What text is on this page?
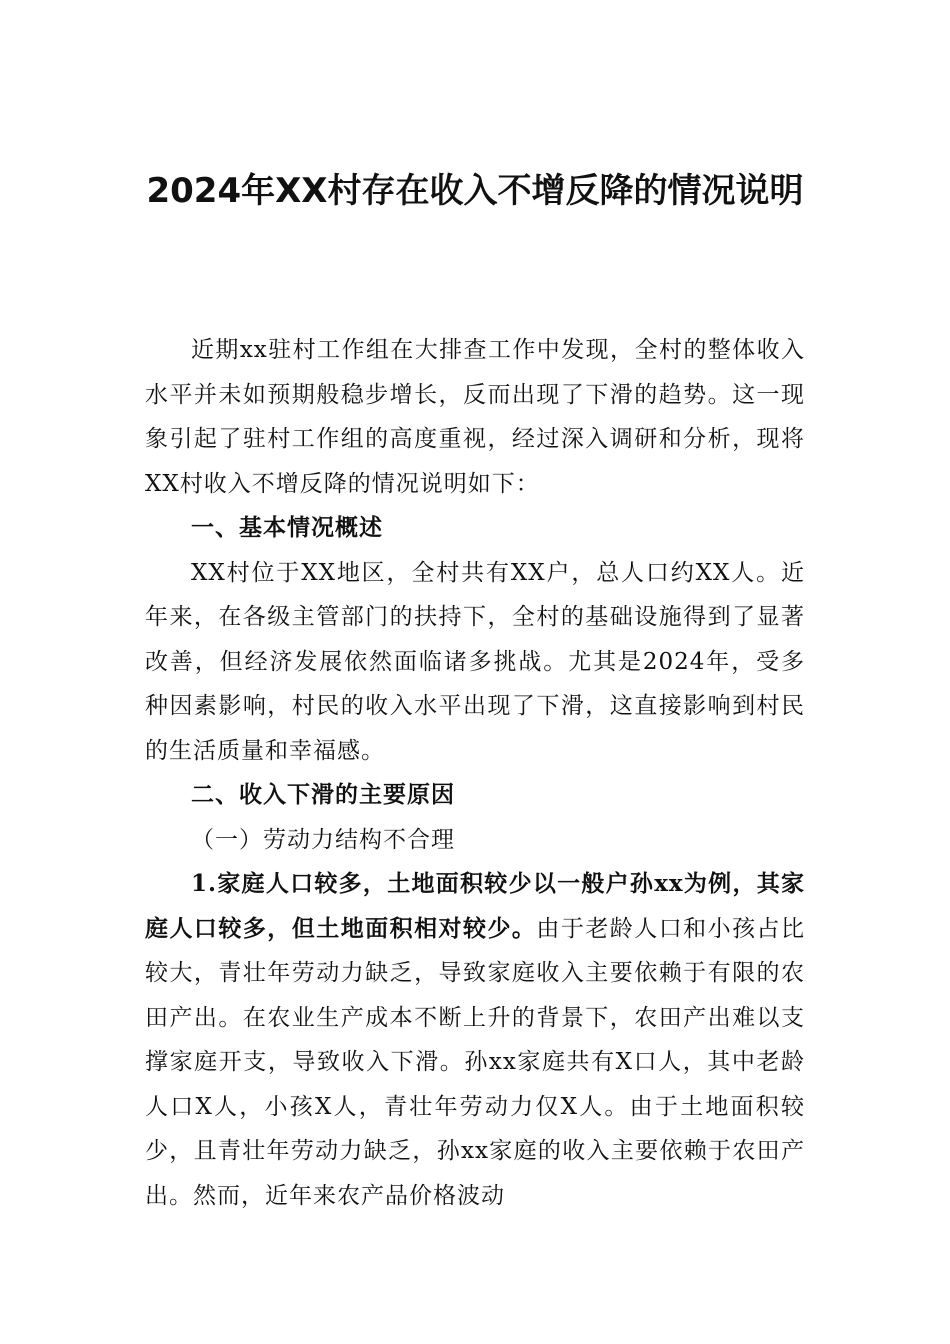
2024年XX村存在收入不增反降的情况说明

近期xx驻村工作组在大排查工作中发现，全村的整体收入水平并未如预期般稳步增长，反而出现了下滑的趋势。这一现象引起了驻村工作组的高度重视，经过深入调研和分析，现将XX村收入不增反降的情况说明如下：

一、基本情况概述

XX村位于XX地区，全村共有XX户，总人口约XX人。近年来，在各级主管部门的扶持下，全村的基础设施得到了显著改善，但经济发展依然面临诸多挑战。尤其是2024年，受多种因素影响，村民的收入水平出现了下滑，这直接影响到村民的生活质量和幸福感。

二、收入下滑的主要原因

（一）劳动力结构不合理

1.家庭人口较多，土地面积较少以一般户孙xx为例，其家庭人口较多，但土地面积相对较少。由于老龄人口和小孩占比较大，青壮年劳动力缺乏，导致家庭收入主要依赖于有限的农田产出。在农业生产成本不断上升的背景下，农田产出难以支撑家庭开支，导致收入下滑。孙xx家庭共有X口人，其中老龄人口X人，小孩X人，青壮年劳动力仅X人。由于土地面积较少，且青壮年劳动力缺乏，孙xx家庭的收入主要依赖于农田产出。然而，近年来农产品价格波动
